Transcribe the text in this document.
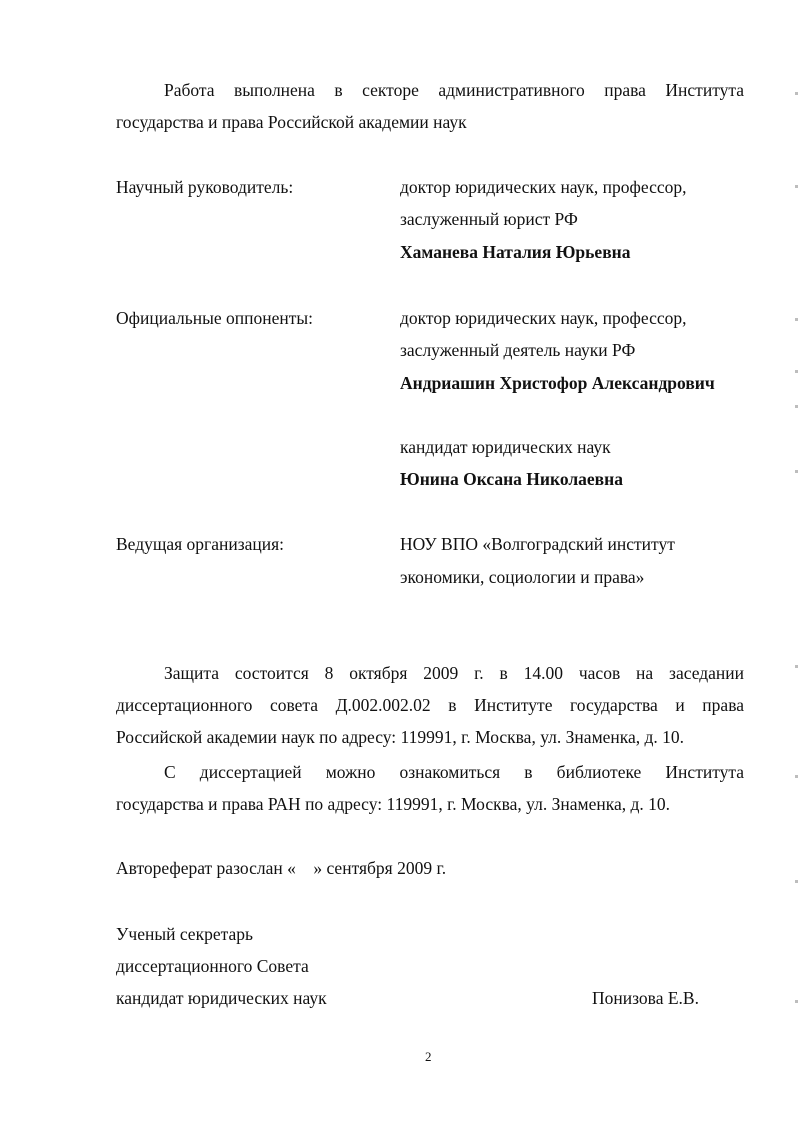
Работа выполнена в секторе административного права Института
государства и права Российской академии наук
Научный руководитель:	доктор юридических наук, профессор,
заслуженный юрист РФ
Хаманева Наталия Юрьевна
Официальные оппоненты:	доктор юридических наук, профессор,
заслуженный деятель науки РФ
Андриашин Христофор Александрович
кандидат юридических наук
Юнина Оксана Николаевна
Ведущая организация:	НОУ ВПО «Волгоградский институт
экономики, социологии и права»
Защита состоится 8 октября 2009 г. в 14.00 часов на заседании
диссертационного совета Д.002.002.02 в Институте государства и права
Российской академии наук по адресу: 119991, г. Москва, ул. Знаменка, д. 10.
С диссертацией можно ознакомиться в библиотеке Института
государства и права РАН по адресу: 119991, г. Москва, ул. Знаменка, д. 10.
Автореферат разослан «    » сентября 2009 г.
Ученый секретарь
диссертационного Совета
кандидат юридических наук	Понизова Е.В.
2
